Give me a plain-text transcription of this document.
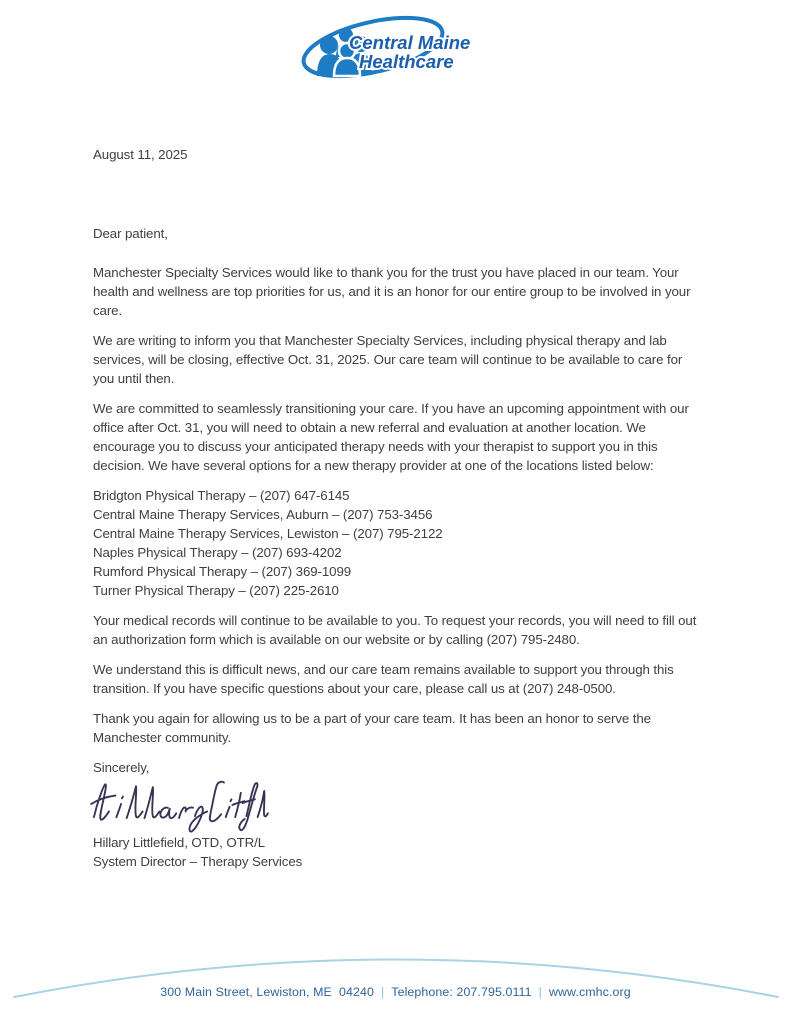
Central Maine
Healthcare
August 11, 2025
Dear patient,

Manchester Specialty Services would like to thank you for the trust you have placed in our team. Your health and wellness are top priorities for us, and it is an honor for our entire group to be involved in your care.

We are writing to inform you that Manchester Specialty Services, including physical therapy and lab services, will be closing, effective Oct. 31, 2025. Our care team will continue to be available to care for you until then.

We are committed to seamlessly transitioning your care. If you have an upcoming appointment with our office after Oct. 31, you will need to obtain a new referral and evaluation at another location. We encourage you to discuss your anticipated therapy needs with your therapist to support you in this decision. We have several options for a new therapy provider at one of the locations listed below:

Bridgton Physical Therapy – (207) 647-6145
Central Maine Therapy Services, Auburn – (207) 753-3456
Central Maine Therapy Services, Lewiston – (207) 795-2122
Naples Physical Therapy – (207) 693-4202
Rumford Physical Therapy – (207) 369-1099
Turner Physical Therapy – (207) 225-2610

Your medical records will continue to be available to you. To request your records, you will need to fill out an authorization form which is available on our website or by calling (207) 795-2480.

We understand this is difficult news, and our care team remains available to support you through this transition. If you have specific questions about your care, please call us at (207) 248-0500.

Thank you again for allowing us to be a part of your care team. It has been an honor to serve the Manchester community.

Sincerely,
Hillary Littlefield, OTD, OTR/L
System Director – Therapy Services
300 Main Street, Lewiston, ME  04240 | Telephone: 207.795.0111 | www.cmhc.org
